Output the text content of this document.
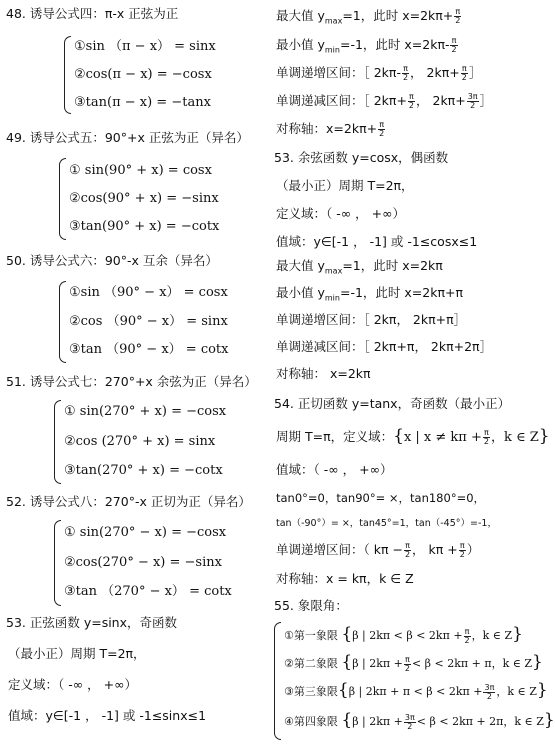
48. 诱导公式四：π-x 正弦为正
①sin （π − x） = sinx
②cos(π − x) = −cosx
③tan(π − x) = −tanx
49. 诱导公式五：90°+x 正弦为正（异名）
① sin(90° + x) = cosx
②cos(90° + x) = −sinx
③tan(90° + x) = −cotx
50. 诱导公式六：90°-x 互余（异名）
①sin （90° − x） = cosx
②cos （90° − x） = sinx
③tan （90° − x） = cotx
51. 诱导公式七：270°+x 余弦为正（异名）
① sin(270° + x) = −cosx
②cos (270° + x) = sinx
③tan(270° + x) = −cotx
52. 诱导公式八：270°-x 正切为正（异名）
① sin(270° − x) = −cosx
②cos(270° − x) = −sinx
③tan （270° − x） = cotx
53. 正弦函数 y=sinx，奇函数
（最小正）周期 T=2π，
定义域：（ -∞ ， +∞）
值域：y∈[-1 ， -1] 或 -1≤sinx≤1
最大值 $y_{max}=1$，此时 $x=2k\pi+ \frac{\pi}{2}$
最小值 $y_{min}=-1$，此时 $x=2k\pi- \frac{\pi}{2}$
单调递增区间：［ $2k\pi- \frac{\pi}{2}$ ， $2k\pi+ \frac{\pi}{2}$ ］
单调递减区间：［ $2k\pi+ \frac{\pi}{2}$ ， $2k\pi+ \frac{3\pi}{2}$ ］
对称轴：$x=2k\pi+ \frac{\pi}{2}$
53. 余弦函数 y=cosx，偶函数
（最小正）周期 T=2π，
定义域：（ -∞ ， +∞）
值域：y∈[-1 ， -1] 或 -1≤cosx≤1
最大值 $y_{max}=1$，此时 x=2kπ
最小值 $y_{min}=-1$，此时 x=2kπ+π
单调递增区间：［ 2kπ， 2kπ+π］
单调递减区间：［ 2kπ+π， 2kπ+2π］
对称轴： x=2kπ
54. 正切函数 y=tanx，奇函数（最小正）
周期 T=π，定义域：{x | $x \ne k\pi + \frac{\pi}{2}$ ，k ∈ Z}
值域：（ -∞ ， +∞）
tan0°=0，tan90°= ×，tan180°=0，
tan（-90°）= ×，tan45°=1，tan（-45°）=-1，
单调递增区间：（ $k\pi - \frac{\pi}{2}$ ， $k\pi + \frac{\pi}{2}$ ）
对称轴：x = kπ，k ∈ Z
55. 象限角：
①第一象限 {β | $2k\pi < \beta < 2k\pi + \frac{\pi}{2}$ ，k ∈ Z}
②第二象限 {β | $2k\pi + \frac{\pi}{2} < \beta < 2k\pi + \pi$，k ∈ Z}
③第三象限{β | $2k\pi + \pi < \beta < 2k\pi + \frac{3\pi}{2}$ ，k ∈ Z}
④第四象限 {β | $2k\pi + \frac{3\pi}{2} < \beta < 2k\pi + 2\pi$，k ∈ Z}
